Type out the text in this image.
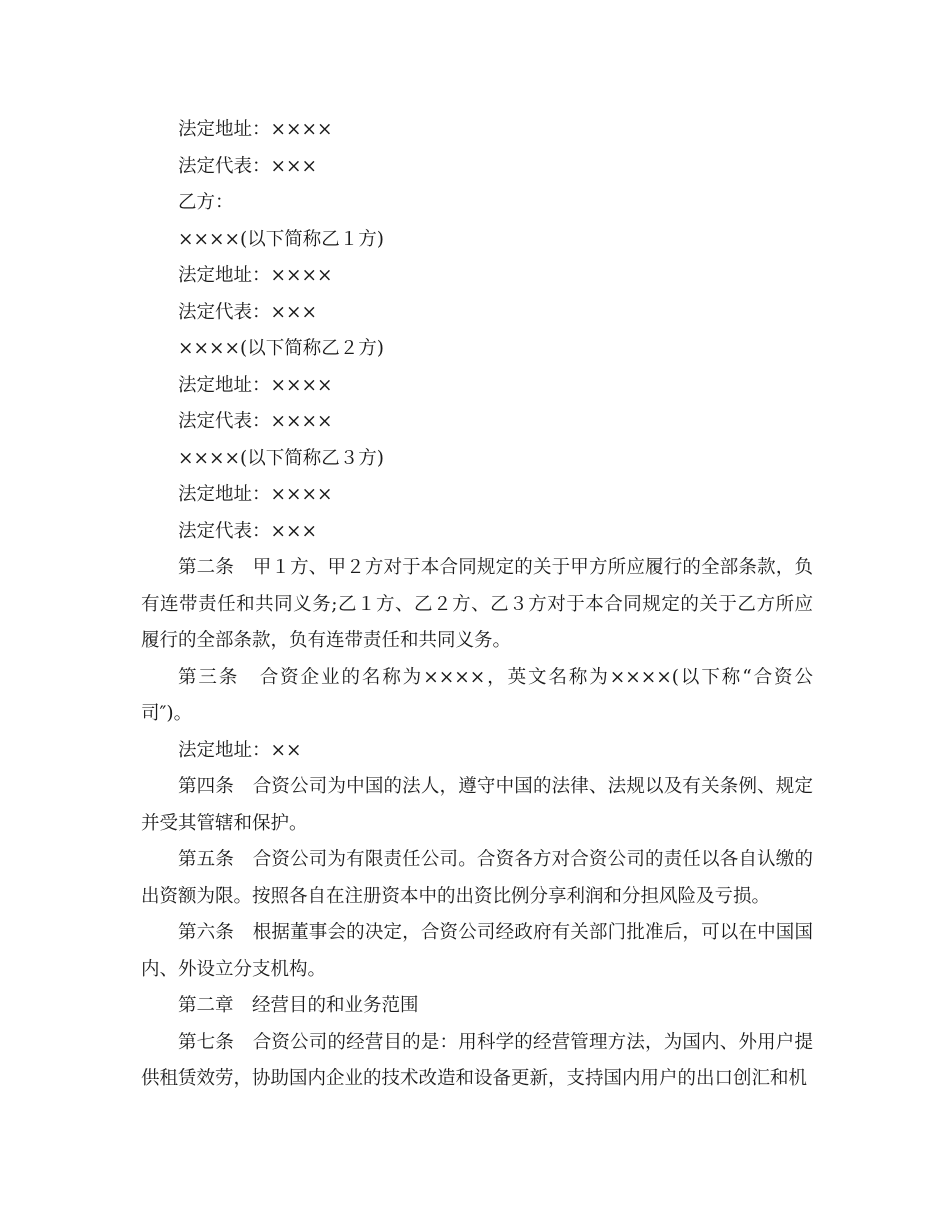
法定地址：××××

法定代表：×××

乙方：

××××(以下简称乙１方)

法定地址：××××

法定代表：×××

××××(以下简称乙２方)

法定地址：××××

法定代表：××××

××××(以下简称乙３方)

法定地址：××××

法定代表：×××

第二条　甲１方、甲２方对于本合同规定的关于甲方所应履行的全部条款，负有连带责任和共同义务;乙１方、乙２方、乙３方对于本合同规定的关于乙方所应履行的全部条款，负有连带责任和共同义务。

第三条　合资企业的名称为××××，英文名称为××××(以下称“合资公司″)。

法定地址：××

第四条　合资公司为中国的法人，遵守中国的法律、法规以及有关条例、规定并受其管辖和保护。

第五条　合资公司为有限责任公司。合资各方对合资公司的责任以各自认缴的出资额为限。按照各自在注册资本中的出资比例分享利润和分担风险及亏损。

第六条　根据董事会的决定，合资公司经政府有关部门批准后，可以在中国国内、外设立分支机构。

第二章　经营目的和业务范围

第七条　合资公司的经营目的是：用科学的经营管理方法，为国内、外用户提供租赁效劳，协助国内企业的技术改造和设备更新，支持国内用户的出口创汇和机
